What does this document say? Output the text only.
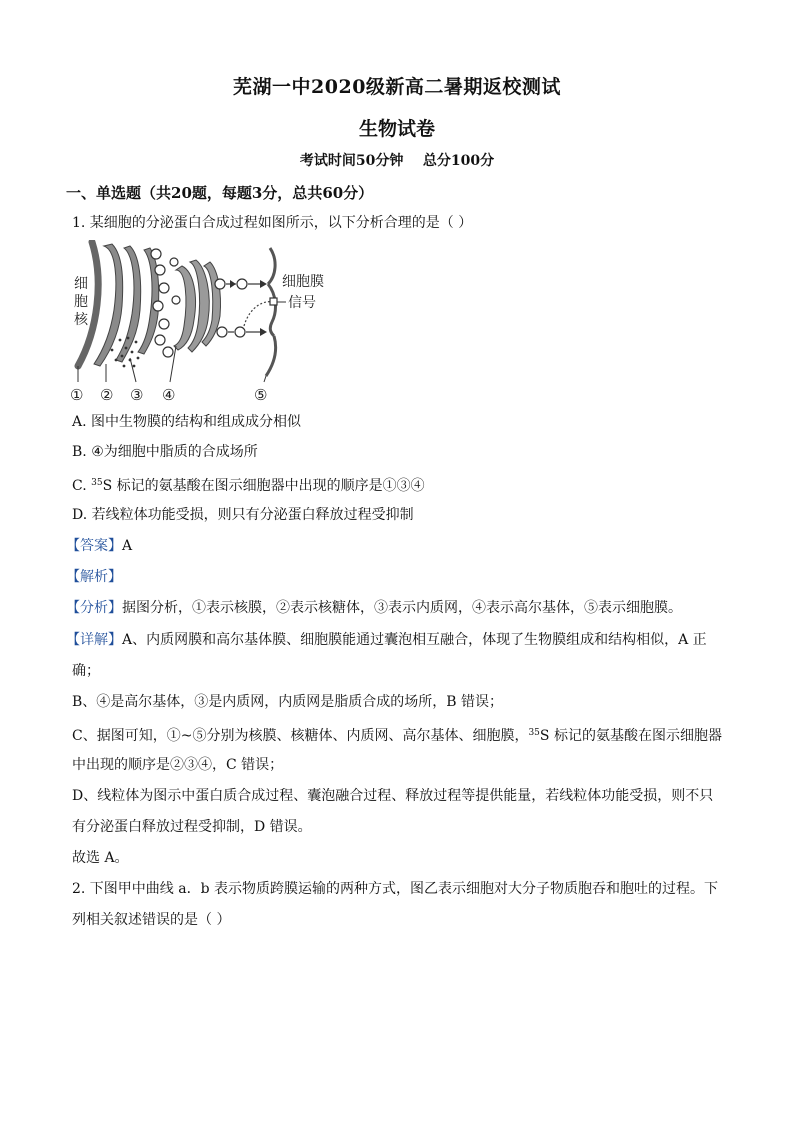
芜湖一中2020级新高二暑期返校测试
生物试卷
考试时间50分钟    总分100分
一、单选题（共20题，每题3分，总共60分）
1. 某细胞的分泌蛋白合成过程如图所示，以下分析合理的是（ ）
细
胞
核
细胞膜
信号
① ② ③ ④	⑤
A. 图中生物膜的结构和组成成分相似
B. ④为细胞中脂质的合成场所
C. $^{35}$S 标记的氨基酸在图示细胞器中出现的顺序是①③④
D. 若线粒体功能受损，则只有分泌蛋白释放过程受抑制
【答案】A
【解析】
【分析】据图分析，①表示核膜，②表示核糖体，③表示内质网，④表示高尔基体，⑤表示细胞膜。
【详解】A、内质网膜和高尔基体膜、细胞膜能通过囊泡相互融合，体现了生物膜组成和结构相似，A 正
确；
B、④是高尔基体，③是内质网，内质网是脂质合成的场所，B 错误；
C、据图可知，①~⑤分别为核膜、核糖体、内质网、高尔基体、细胞膜，$^{35}$S 标记的氨基酸在图示细胞器
中出现的顺序是②③④，C 错误；
D、线粒体为图示中蛋白质合成过程、囊泡融合过程、释放过程等提供能量，若线粒体功能受损，则不只
有分泌蛋白释放过程受抑制，D 错误。
故选 A。
2. 下图甲中曲线 a．b 表示物质跨膜运输的两种方式，图乙表示细胞对大分子物质胞吞和胞吐的过程。下
列相关叙述错误的是（ ）
